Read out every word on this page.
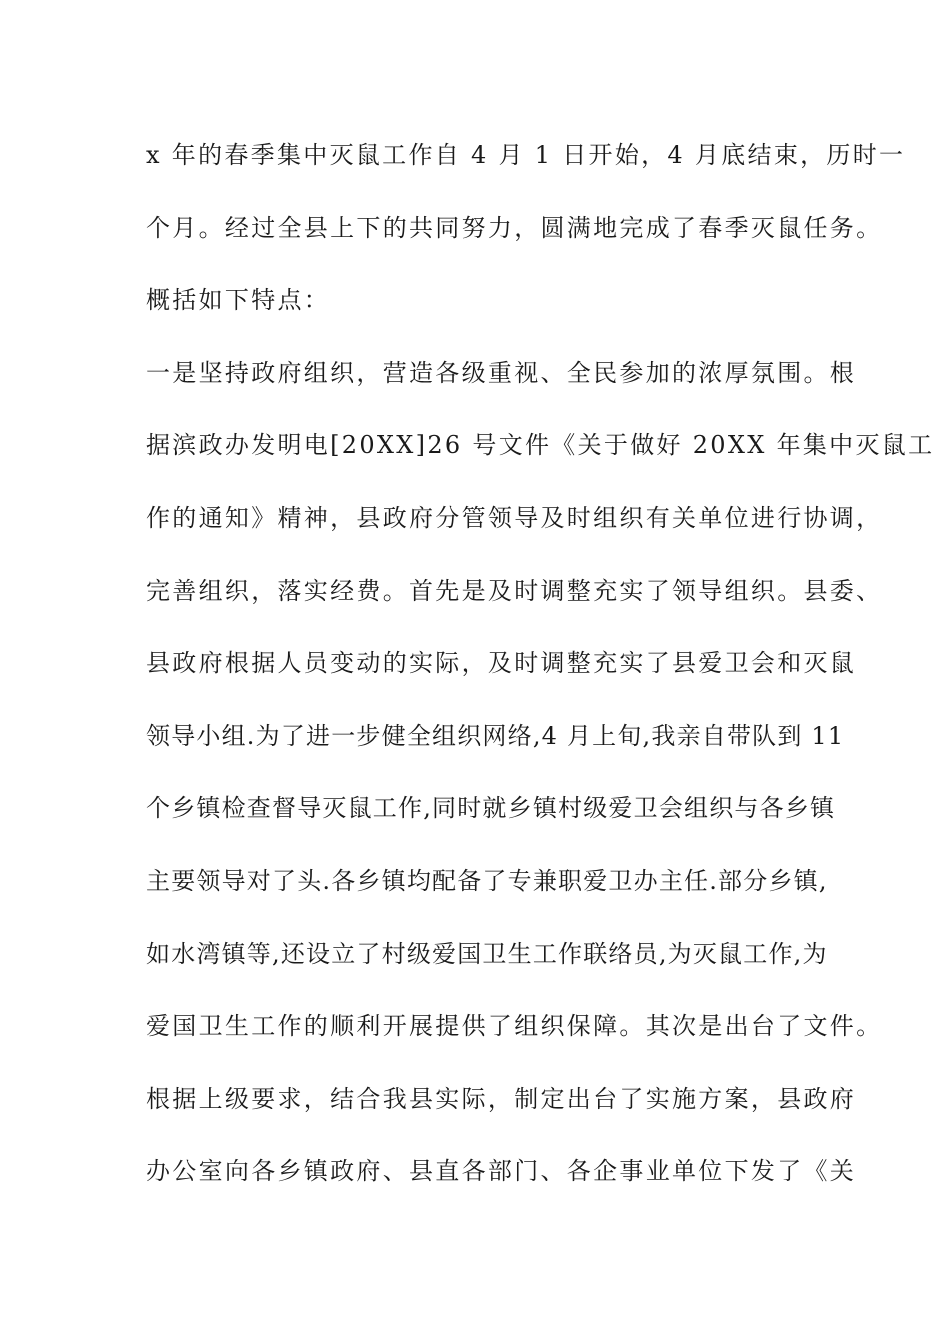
x 年的春季集中灭鼠工作自 4 月 1 日开始，4 月底结束，历时一
个月。经过全县上下的共同努力，圆满地完成了春季灭鼠任务。
概括如下特点：
一是坚持政府组织，营造各级重视、全民参加的浓厚氛围。根
据滨政办发明电[20XX]26 号文件《关于做好 20XX 年集中灭鼠工
作的通知》精神，县政府分管领导及时组织有关单位进行协调，
完善组织，落实经费。首先是及时调整充实了领导组织。县委、
县政府根据人员变动的实际，及时调整充实了县爱卫会和灭鼠
领导小组.为了进一步健全组织网络,4 月上旬,我亲自带队到 11
个乡镇检查督导灭鼠工作,同时就乡镇村级爱卫会组织与各乡镇
主要领导对了头.各乡镇均配备了专兼职爱卫办主任.部分乡镇,
如水湾镇等,还设立了村级爱国卫生工作联络员,为灭鼠工作,为
爱国卫生工作的顺利开展提供了组织保障。其次是出台了文件。
根据上级要求，结合我县实际，制定出台了实施方案，县政府
办公室向各乡镇政府、县直各部门、各企事业单位下发了《关
